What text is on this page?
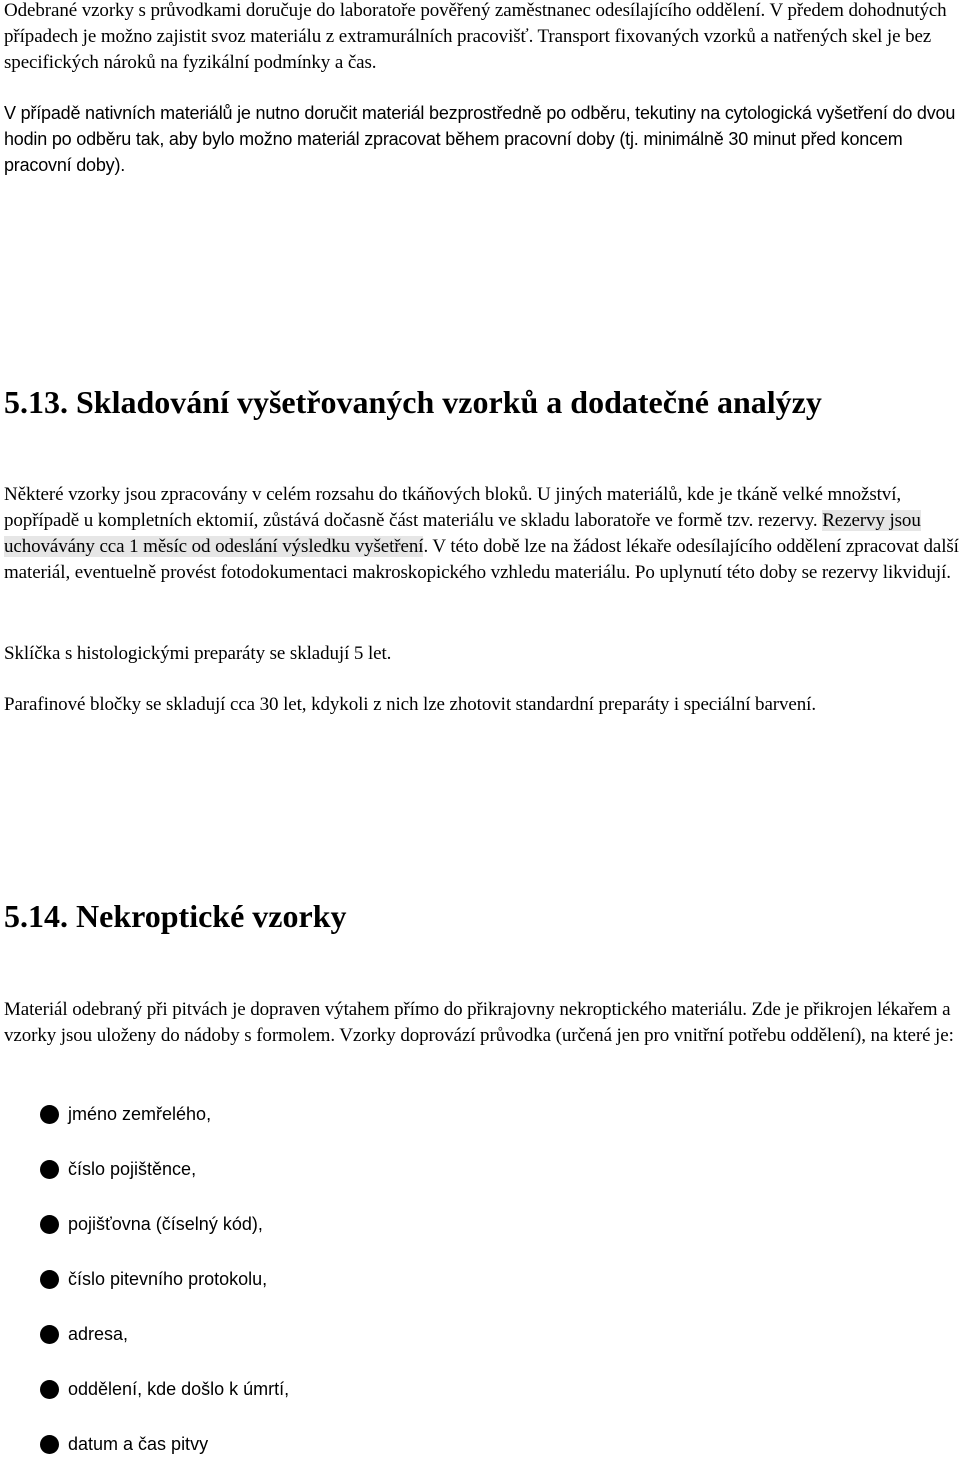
Odebrané vzorky s průvodkami doručuje do laboratoře pověřený zaměstnanec odesílajícího oddělení. V předem dohodnutých případech je možno zajistit svoz materiálu z extramurálních pracovišť. Transport fixovaných vzorků a natřených skel je bez specifických nároků na fyzikální podmínky a čas.

V případě nativních materiálů je nutno doručit materiál bezprostředně po odběru, tekutiny na cytologická vyšetření do dvou hodin po odběru tak, aby bylo možno materiál zpracovat během pracovní doby (tj. minimálně 30 minut před koncem pracovní doby).

5.13. Skladování vyšetřovaných vzorků a dodatečné analýzy

Některé vzorky jsou zpracovány v celém rozsahu do tkáňových bloků. U jiných materiálů, kde je tkáně velké množství, popřípadě u kompletních ektomií, zůstává dočasně část materiálu ve skladu laboratoře ve formě tzv. rezervy. Rezervy jsou uchovávány cca 1 měsíc od odeslání výsledku vyšetření. V této době lze na žádost lékaře odesílajícího oddělení zpracovat další materiál, eventuelně provést fotodokumentaci makroskopického vzhledu materiálu. Po uplynutí této doby se rezervy likvidují.

Sklíčka s histologickými preparáty se skladují 5 let.

Parafinové bločky se skladují cca 30 let, kdykoli z nich lze zhotovit standardní preparáty i speciální barvení.

5.14. Nekroptické vzorky

Materiál odebraný při pitvách je dopraven výtahem přímo do přikrajovny nekroptického materiálu. Zde je přikrojen lékařem a vzorky jsou uloženy do nádoby s formolem. Vzorky doprovází průvodka (určená jen pro vnitřní potřebu oddělení), na které je:

jméno zemřelého,
číslo pojištěnce,
pojišťovna (číselný kód),
číslo pitevního protokolu,
adresa,
oddělení, kde došlo k úmrtí,
datum a čas pitvy
